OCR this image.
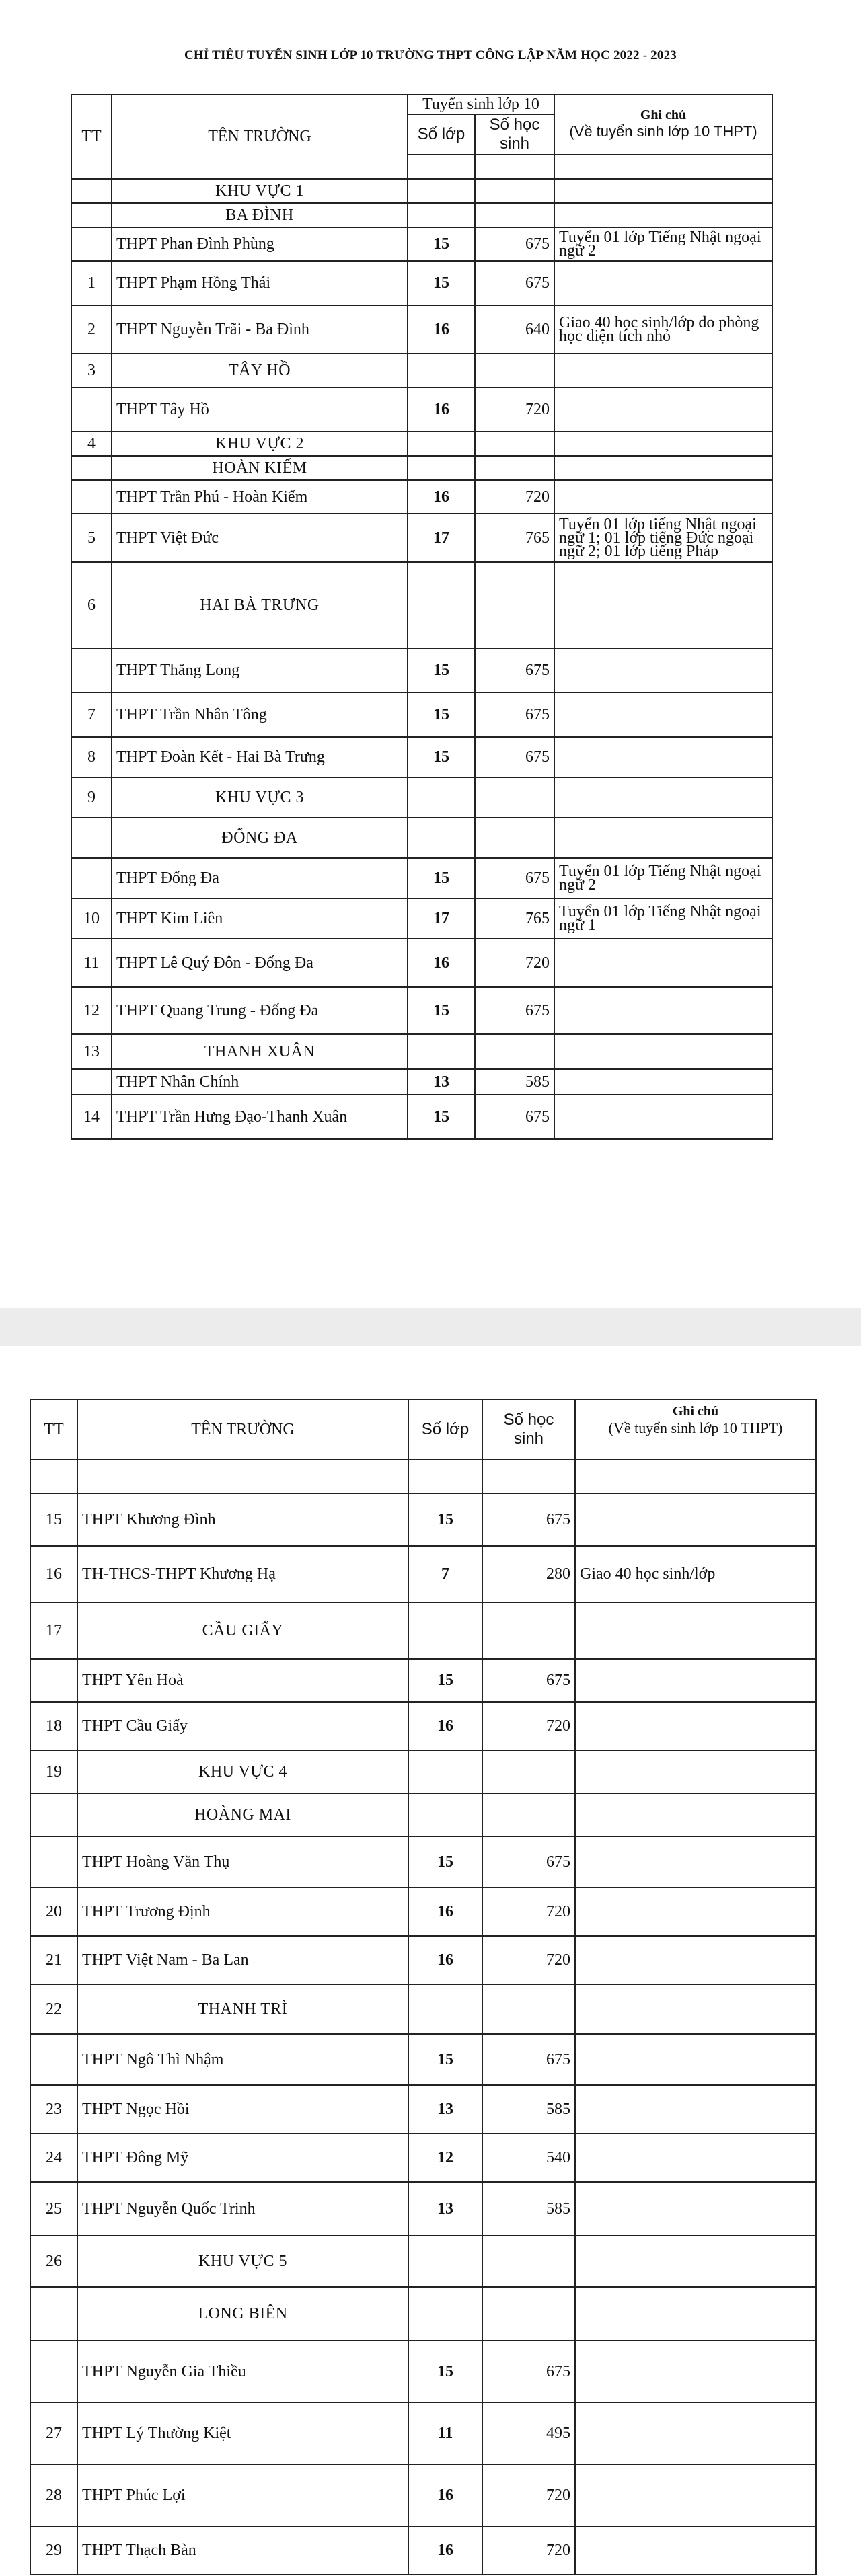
CHỈ TIÊU TUYỂN SINH LỚP 10 TRƯỜNG THPT CÔNG LẬP NĂM HỌC 2022 - 2023
TT	TÊN TRƯỜNG	Tuyển sinh lớp 10		Ghi chú
(Về tuyển sinh lớp 10 THPT)

		Số lớp	Số học sinh	

	KHU VỰC 1			
	BA ĐÌNH			
	THPT Phan Đình Phùng	15	675	Tuyển 01 lớp Tiếng Nhật ngoại ngữ 2
1	THPT Phạm Hồng Thái	15	675	
2	THPT Nguyễn Trãi - Ba Đình	16	640	Giao 40 học sinh/lớp do phòng học diện tích nhỏ
3	TÂY HỒ			
	THPT Tây Hồ	16	720	
4	KHU VỰC 2			
	HOÀN KIẾM			
	THPT Trần Phú - Hoàn Kiếm	16	720	
5	THPT Việt Đức	17	765	Tuyển 01 lớp tiếng Nhật ngoại ngữ 1; 01 lớp tiếng Đức ngoại ngữ 2; 01 lớp tiếng Pháp
6	HAI BÀ TRƯNG			
	THPT Thăng Long	15	675	
7	THPT Trần Nhân Tông	15	675	
8	THPT Đoàn Kết - Hai Bà Trưng	15	675	
9	KHU VỰC 3			
	ĐỐNG ĐA			
	THPT Đống Đa	15	675	Tuyển 01 lớp Tiếng Nhật ngoại ngữ 2
10	THPT Kim Liên	17	765	Tuyển 01 lớp Tiếng Nhật ngoại ngữ 1
11	THPT Lê Quý Đôn - Đống Đa	16	720	
12	THPT Quang Trung - Đống Đa	15	675	
13	THANH XUÂN			
	THPT Nhân Chính	13	585	
14	THPT Trần Hưng Đạo-Thanh Xuân	15	675	
TT	TÊN TRƯỜNG	Số lớp	Số học sinh	Ghi chú
(Về tuyển sinh lớp 10 THPT)

15	THPT Khương Đình	15	675	
16	TH-THCS-THPT Khương Hạ	7	280	Giao 40 học sinh/lớp
17	CẦU GIẤY			
	THPT Yên Hoà	15	675	
18	THPT Cầu Giấy	16	720	
19	KHU VỰC 4			
	HOÀNG MAI			
	THPT Hoàng Văn Thụ	15	675	
20	THPT Trương Định	16	720	
21	THPT Việt Nam - Ba Lan	16	720	
22	THANH TRÌ			
	THPT Ngô Thì Nhậm	15	675	
23	THPT Ngọc Hồi	13	585	
24	THPT Đông Mỹ	12	540	
25	THPT Nguyễn Quốc Trinh	13	585	
26	KHU VỰC 5			
	LONG BIÊN			
	THPT Nguyễn Gia Thiều	15	675	
27	THPT Lý Thường Kiệt	11	495	
28	THPT Phúc Lợi	16	720	
29	THPT Thạch Bàn	16	720	
